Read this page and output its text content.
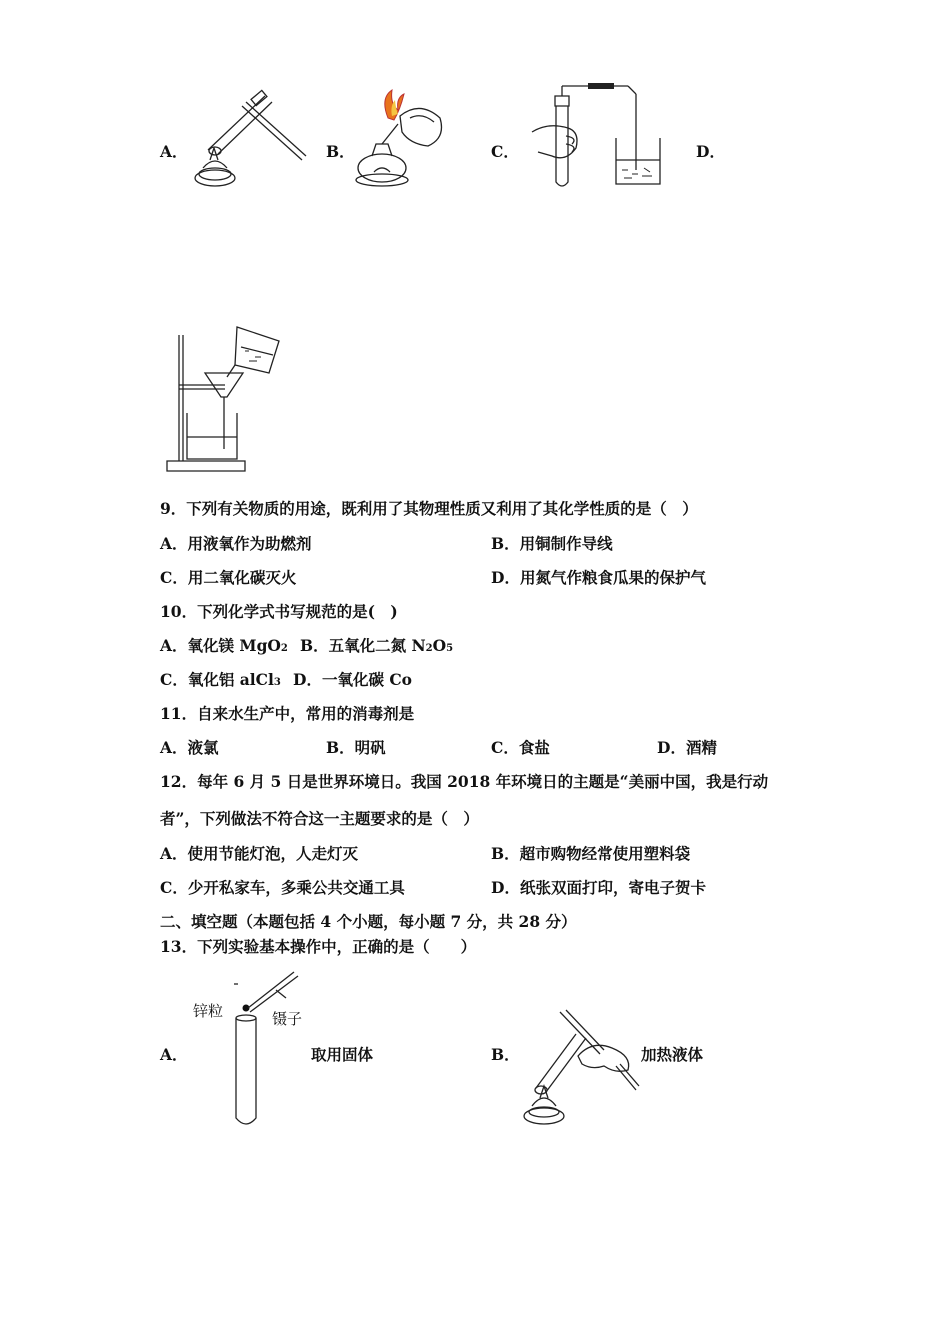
A．	B．	C．	D．
9．下列有关物质的用途，既利用了其物理性质又利用了其化学性质的是（　）
A．用液氧作为助燃剂	B．用铜制作导线
C．用二氧化碳灭火	D．用氮气作粮食瓜果的保护气
10．下列化学式书写规范的是(　)
A．氧化镁 MgO2 B．五氧化二氮 N2O5
C．氧化铝 alCl3 D．一氧化碳 Co
11．自来水生产中，常用的消毒剂是
A．液氯	B．明矾	C．食盐	D．酒精
12．每年 6 月 5 日是世界环境日。我国 2018 年环境日的主题是“美丽中国，我是行动
者”，下列做法不符合这一主题要求的是（　）
A．使用节能灯泡，人走灯灭	B．超市购物经常使用塑料袋
C．少开私家车，多乘公共交通工具	D．纸张双面打印，寄电子贺卡
二、填空题（本题包括 4 个小题，每小题 7 分，共 28 分）
13．下列实验基本操作中，正确的是（　　）
A．
锌粒	镊子
取用固体	B．	加热液体
